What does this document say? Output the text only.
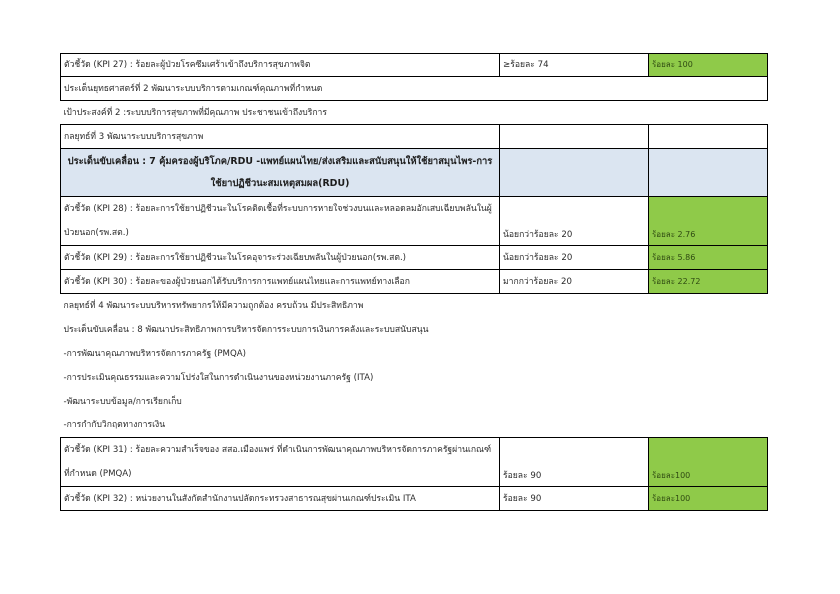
ตัวชี้วัด (KPI 27) : ร้อยละผู้ป่วยโรคซึมเศร้าเข้าถึงบริการสุขภาพจิต	≥ร้อยละ 74	ร้อยละ 100
ประเด็นยุทธศาสตร์ที่ 2 พัฒนาระบบบริการตามเกณฑ์คุณภาพที่กำหนด		
เป้าประสงค์ที่ 2 :ระบบบริการสุขภาพที่มีคุณภาพ ประชาชนเข้าถึงบริการ		
กลยุทธ์ที่ 3 พัฒนาระบบบริการสุขภาพ		
ประเด็นขับเคลื่อน : 7 คุ้มครองผู้บริโภค/RDU -แพทย์แผนไทย/ส่งเสริมและสนับสนุนให้ใช้ยาสมุนไพร-การใช้ยาปฏิชีวนะสมเหตุสมผล(RDU)		
ตัวชี้วัด (KPI 28) : ร้อยละการใช้ยาปฏิชีวนะในโรคติดเชื้อที่ระบบการหายใจช่วงบนและหลอดลมอักเสบเฉียบพลันในผู้ป่วยนอก(รพ.สต.)	น้อยกว่าร้อยละ 20	ร้อยละ 2.76
ตัวชี้วัด (KPI 29) : ร้อยละการใช้ยาปฏิชีวนะในโรคอุจาระร่วงเฉียบพลันในผู้ป่วยนอก(รพ.สต.)	น้อยกว่าร้อยละ 20	ร้อยละ 5.86
ตัวชี้วัด (KPI 30) : ร้อยละของผู้ป่วยนอกได้รับบริการการแพทย์แผนไทยและการแพทย์ทางเลือก	มากกว่าร้อยละ 20	ร้อยละ 22.72
กลยุทธ์ที่ 4 พัฒนาระบบบริหารทรัพยากรให้มีความถูกต้อง ครบถ้วน มีประสิทธิภาพ		
ประเด็นขับเคลื่อน : 8 พัฒนาประสิทธิภาพการบริหารจัดการระบบการเงินการคลังและระบบสนับสนุน		
-การพัฒนาคุณภาพบริหารจัดการภาครัฐ (PMQA)		
-การประเมินคุณธรรมและความโปร่งใสในการดำเนินงานของหน่วยงานภาครัฐ (ITA)		
-พัฒนาระบบข้อมูล/การเรียกเก็บ		
-การกำกับวิกฤตทางการเงิน		
ตัวชี้วัด (KPI 31) : ร้อยละความสำเร็จของ สสอ.เมืองแพร่ ที่ดำเนินการพัฒนาคุณภาพบริหารจัดการภาครัฐผ่านเกณฑ์ที่กำหนด (PMQA)	ร้อยละ 90	ร้อยละ100
ตัวชี้วัด (KPI 32) : หน่วยงานในสังกัดสำนักงานปลัดกระทรวงสาธารณสุขผ่านเกณฑ์ประเมิน ITA	ร้อยละ 90	ร้อยละ100
